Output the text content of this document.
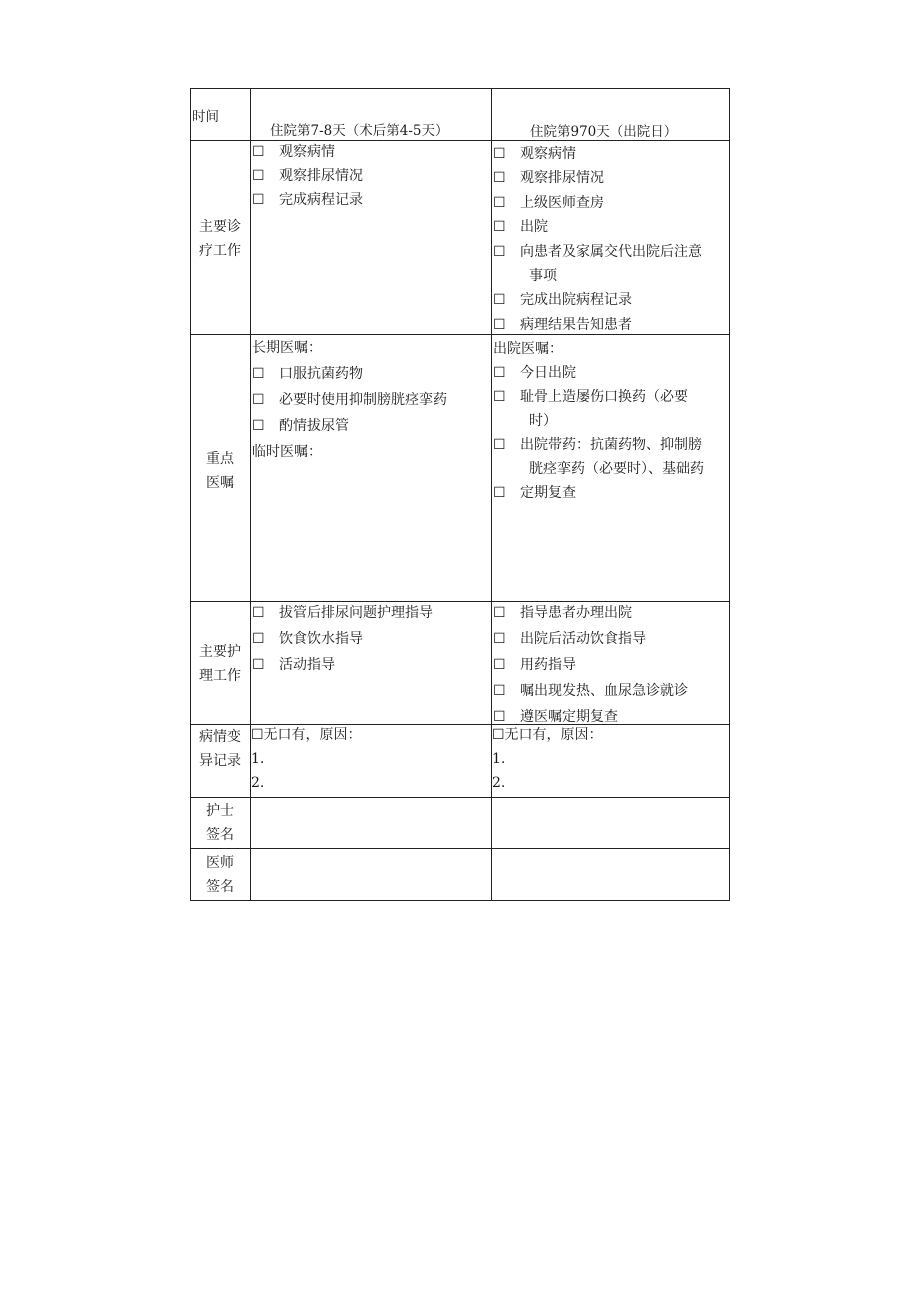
时间
住院第7-8天（术后第4-5天）	住院第970天（出院日）
主要诊
疗工作
☐ 观察病情
☐ 观察排尿情况
☐ 完成病程记录
☐ 观察病情
☐ 观察排尿情况
☐ 上级医师查房
☐ 出院
☐ 向患者及家属交代出院后注意
事项
☐ 完成出院病程记录
☐ 病理结果告知患者
重点
医嘱
长期医嘱：
☐ 口服抗菌药物
☐ 必要时使用抑制膀胱痉挛药
☐ 酌情拔尿管
临时医嘱：
出院医嘱：
☐ 今日出院
☐ 耻骨上造屡伤口换药（必要
时）
☐ 出院带药：抗菌药物、抑制膀
胱痉挛药（必要时）、基础药
☐ 定期复查
主要护
理工作
☐ 拔管后排尿问题护理指导
☐ 饮食饮水指导
☐ 活动指导
☐ 指导患者办理出院
☐ 出院后活动饮食指导
☐ 用药指导
☐ 嘱出现发热、血尿急诊就诊
☐ 遵医嘱定期复查
病情变
异记录
☐无口有，原因：
1.
2.
☐无口有，原因：
1.
2.
护士
签名
医师
签名
